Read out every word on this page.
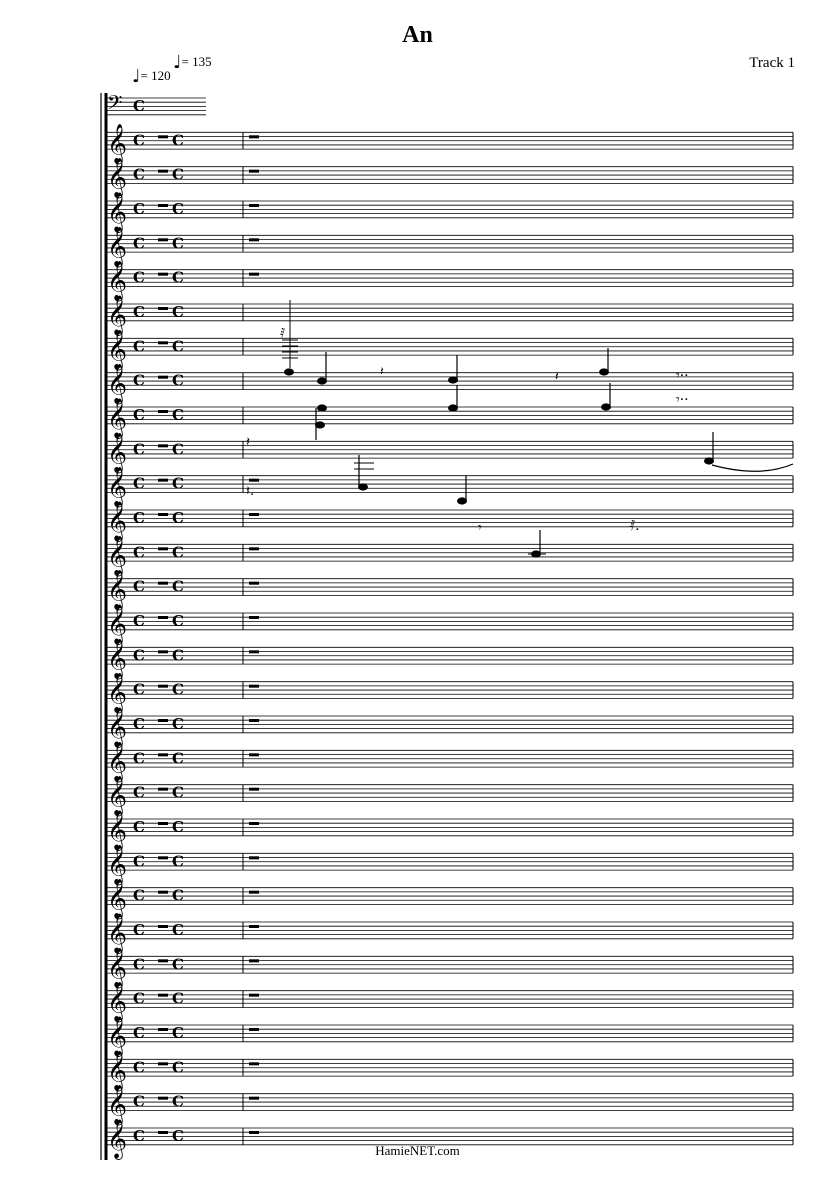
An
Track 1
♩= 120
♩= 135
𝄢 C
𝄞 C C
𝄞 C C
𝄞 C C
𝄞 C C
𝄞 C C
𝄞 C C
𝄞 C C
𝄞 C C
𝄞 C C
𝄞 C C
𝄞 C C
𝄞 C C
𝄞 C C
𝄞 C C
𝄞 C C
𝄞 C C
𝄞 C C
𝄞 C C
𝄞 C C
𝄞 C C
𝄞 C C
𝄞 C C
𝄞 C C
𝄞 C C
𝄞 C C
𝄞 C C
𝄞 C C
𝄞 C C
𝄞 C C
𝄞 C C
𝅀
𝄽	𝄽	𝄾··
𝄾··
𝄽
𝄽.
𝄾	𝅀.
HamieNET.com
